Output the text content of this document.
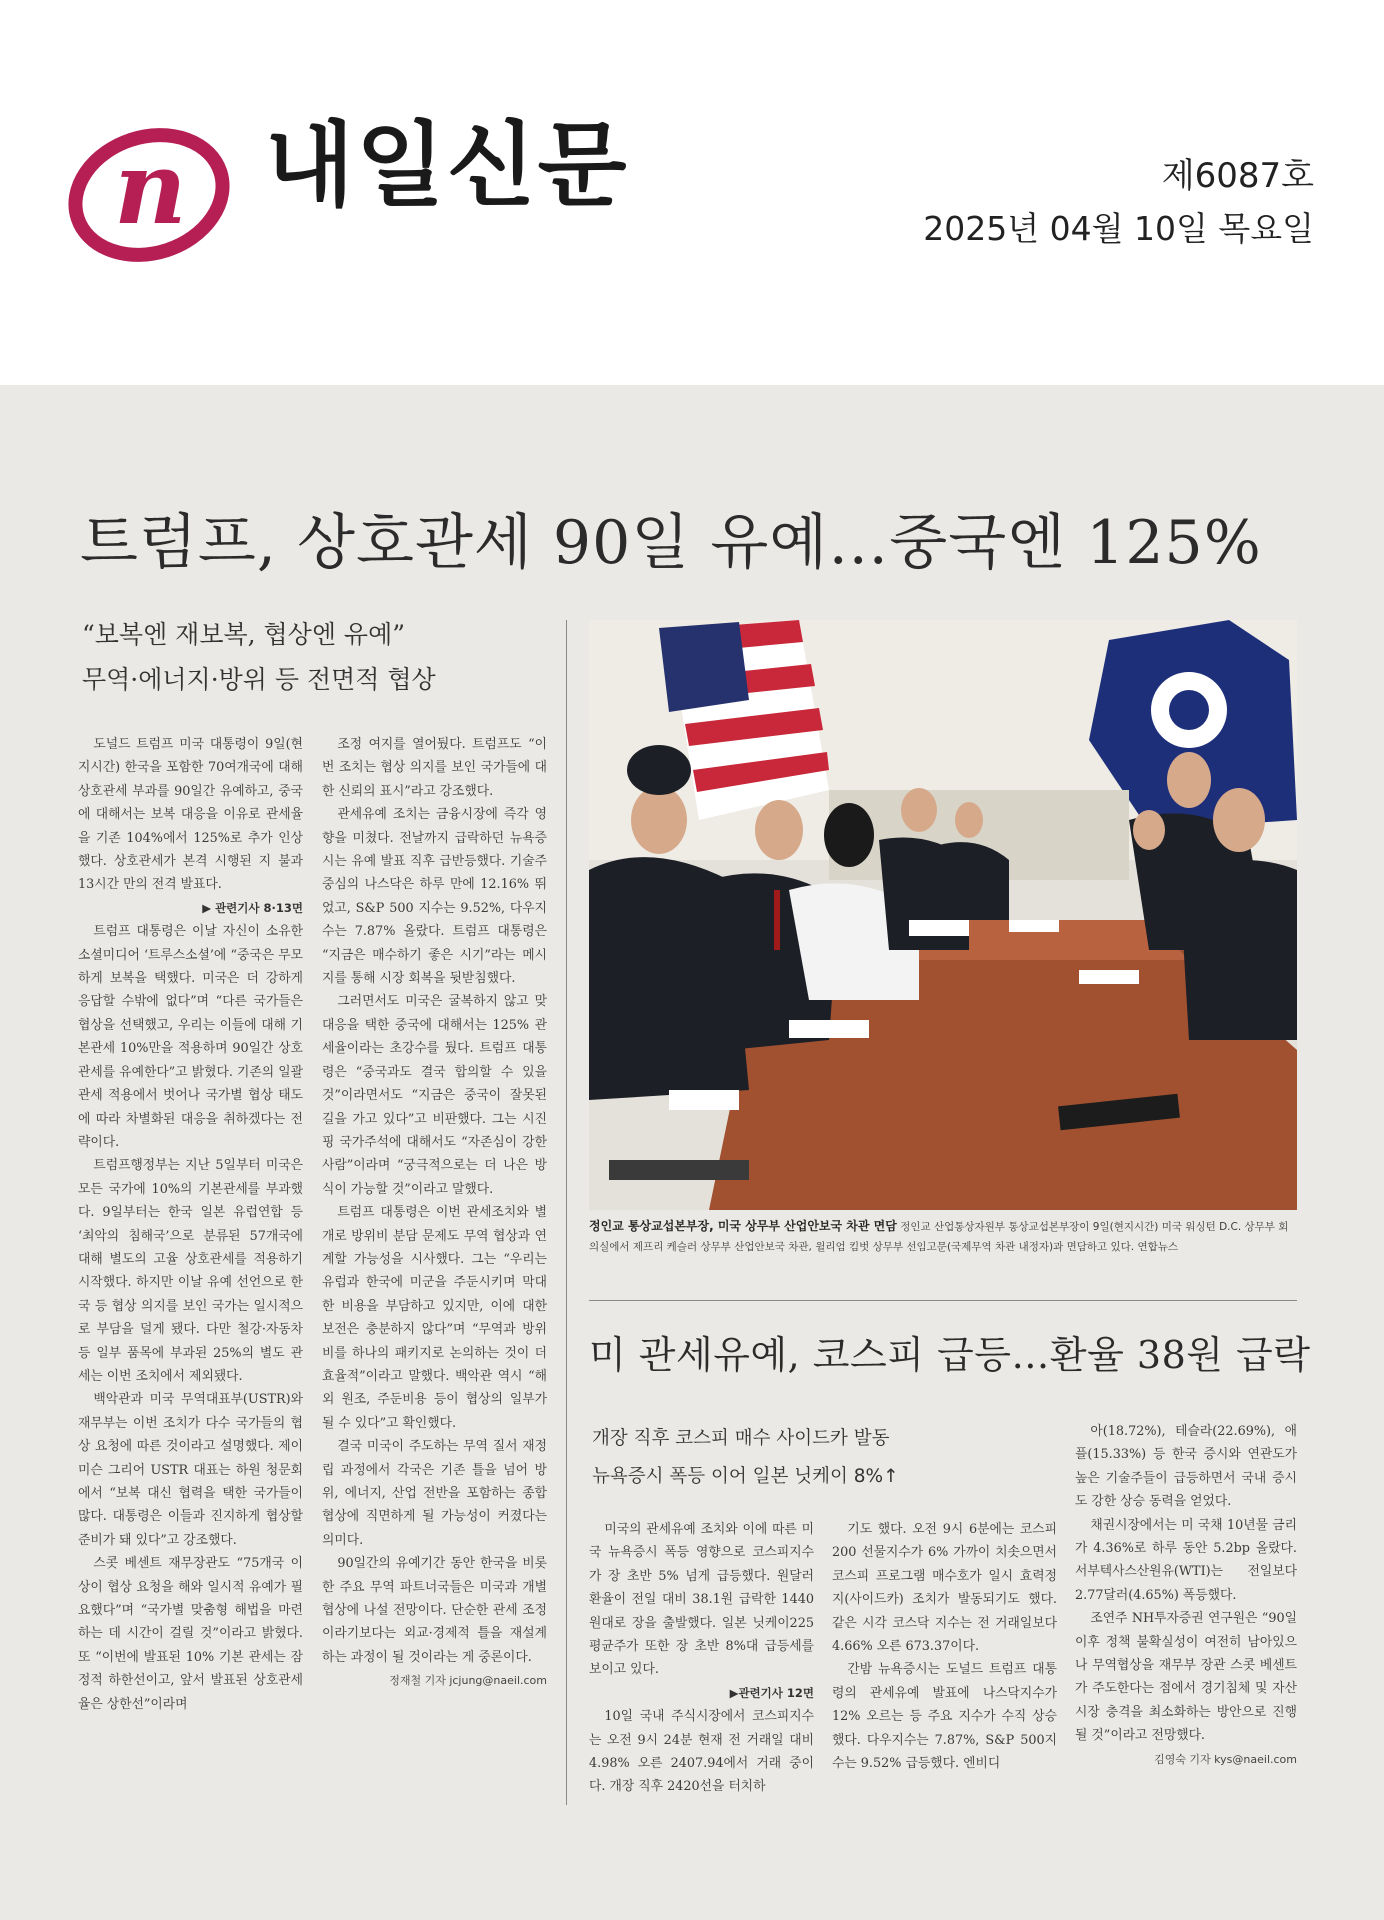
n 내일신문	제6087호
2025년 04월 10일 목요일
트럼프, 상호관세 90일 유예…중국엔 125%
“보복엔 재보복, 협상엔 유예”
무역·에너지·방위 등 전면적 협상

도널드 트럼프 미국 대통령이 9일(현지시간) 한국을 포함한 70여개국에 대해 상호관세 부과를 90일간 유예하고, 중국에 대해서는 보복 대응을 이유로 관세율을 기존 104%에서 125%로 추가 인상했다. 상호관세가 본격 시행된 지 불과 13시간 만의 전격 발표다.

▶ 관련기사 8·13면

트럼프 대통령은 이날 자신이 소유한 소셜미디어 ‘트루스소셜’에 “중국은 무모하게 보복을 택했다. 미국은 더 강하게 응답할 수밖에 없다”며 “다른 국가들은 협상을 선택했고, 우리는 이들에 대해 기본관세 10%만을 적용하며 90일간 상호관세를 유예한다”고 밝혔다. 기존의 일괄 관세 적용에서 벗어나 국가별 협상 태도에 따라 차별화된 대응을 취하겠다는 전략이다.

트럼프행정부는 지난 5일부터 미국은 모든 국가에 10%의 기본관세를 부과했다. 9일부터는 한국 일본 유럽연합 등 ‘최악의 침해국’으로 분류된 57개국에 대해 별도의 고율 상호관세를 적용하기 시작했다. 하지만 이날 유예 선언으로 한국 등 협상 의지를 보인 국가는 일시적으로 부담을 덜게 됐다. 다만 철강·자동차 등 일부 품목에 부과된 25%의 별도 관세는 이번 조치에서 제외됐다.

백악관과 미국 무역대표부(USTR)와 재무부는 이번 조치가 다수 국가들의 협상 요청에 따른 것이라고 설명했다. 제이미슨 그리어 USTR 대표는 하원 청문회에서 “보복 대신 협력을 택한 국가들이 많다. 대통령은 이들과 진지하게 협상할 준비가 돼 있다”고 강조했다.

스콧 베센트 재무장관도 “75개국 이상이 협상 요청을 해와 일시적 유예가 필요했다”며 “국가별 맞춤형 해법을 마련하는 데 시간이 걸릴 것”이라고 밝혔다. 또 “이번에 발표된 10% 기본 관세는 잠정적 하한선이고, 앞서 발표된 상호관세율은 상한선”이라며

조정 여지를 열어뒀다. 트럼프도 “이번 조치는 협상 의지를 보인 국가들에 대한 신뢰의 표시”라고 강조했다.

관세유예 조치는 금융시장에 즉각 영향을 미쳤다. 전날까지 급락하던 뉴욕증시는 유예 발표 직후 급반등했다. 기술주 중심의 나스닥은 하루 만에 12.16% 뛰었고, S&P 500 지수는 9.52%, 다우지수는 7.87% 올랐다. 트럼프 대통령은 “지금은 매수하기 좋은 시기”라는 메시지를 통해 시장 회복을 뒷받침했다.

그러면서도 미국은 굴복하지 않고 맞대응을 택한 중국에 대해서는 125% 관세율이라는 초강수를 뒀다. 트럼프 대통령은 “중국과도 결국 합의할 수 있을 것”이라면서도 “지금은 중국이 잘못된 길을 가고 있다”고 비판했다. 그는 시진핑 국가주석에 대해서도 “자존심이 강한 사람”이라며 “궁극적으로는 더 나은 방식이 가능할 것”이라고 말했다.

트럼프 대통령은 이번 관세조치와 별개로 방위비 분담 문제도 무역 협상과 연계할 가능성을 시사했다. 그는 “우리는 유럽과 한국에 미군을 주둔시키며 막대한 비용을 부담하고 있지만, 이에 대한 보전은 충분하지 않다”며 “무역과 방위비를 하나의 패키지로 논의하는 것이 더 효율적”이라고 말했다. 백악관 역시 “해외 원조, 주둔비용 등이 협상의 일부가 될 수 있다”고 확인했다.

결국 미국이 주도하는 무역 질서 재정립 과정에서 각국은 기존 틀을 넘어 방위, 에너지, 산업 전반을 포함하는 종합 협상에 직면하게 될 가능성이 커졌다는 의미다.

90일간의 유예기간 동안 한국을 비롯한 주요 무역 파트너국들은 미국과 개별 협상에 나설 전망이다. 단순한 관세 조정이라기보다는 외교·경제적 틀을 재설계하는 과정이 될 것이라는 게 중론이다.

정재철 기자 jcjung@naeil.com

정인교 통상교섭본부장, 미국 상무부 산업안보국 차관 면담 정인교 산업통상자원부 통상교섭본부장이 9일(현지시간) 미국 워싱턴 D.C. 상무부 회의실에서 제프리 케슬러 상무부 산업안보국 차관, 윌리엄 킴벗 상무부 선임고문(국제무역 차관 내정자)과 면담하고 있다. 연합뉴스
미 관세유예, 코스피 급등…환율 38원 급락
개장 직후 코스피 매수 사이드카 발동
뉴욕증시 폭등 이어 일본 닛케이 8%↑

미국의 관세유예 조치와 이에 따른 미국 뉴욕증시 폭등 영향으로 코스피지수가 장 초반 5% 넘게 급등했다. 원달러 환율이 전일 대비 38.1원 급락한 1440원대로 장을 출발했다. 일본 닛케이225평균주가 또한 장 초반 8%대 급등세를 보이고 있다.

▶관련기사 12면

10일 국내 주식시장에서 코스피지수는 오전 9시 24분 현재 전 거래일 대비 4.98% 오른 2407.94에서 거래 중이다. 개장 직후 2420선을 터치하

기도 했다. 오전 9시 6분에는 코스피200 선물지수가 6% 가까이 치솟으면서 코스피 프로그램 매수호가 일시 효력정지(사이드카) 조치가 발동되기도 했다. 같은 시각 코스닥 지수는 전 거래일보다 4.66% 오른 673.37이다.

간밤 뉴욕증시는 도널드 트럼프 대통령의 관세유예 발표에 나스닥지수가 12% 오르는 등 주요 지수가 수직 상승했다. 다우지수는 7.87%, S&P 500지수는 9.52% 급등했다. 엔비디

아(18.72%), 테슬라(22.69%), 애플(15.33%) 등 한국 증시와 연관도가 높은 기술주들이 급등하면서 국내 증시도 강한 상승 동력을 얻었다.

채권시장에서는 미 국채 10년물 금리가 4.36%로 하루 동안 5.2bp 올랐다. 서부텍사스산원유(WTI)는 전일보다 2.77달러(4.65%) 폭등했다.

조연주 NH투자증권 연구원은 “90일 이후 정책 불확실성이 여전히 남아있으나 무역협상을 재무부 장관 스콧 베센트가 주도한다는 점에서 경기침체 및 자산시장 충격을 최소화하는 방안으로 진행될 것”이라고 전망했다.

김영숙 기자 kys@naeil.com
